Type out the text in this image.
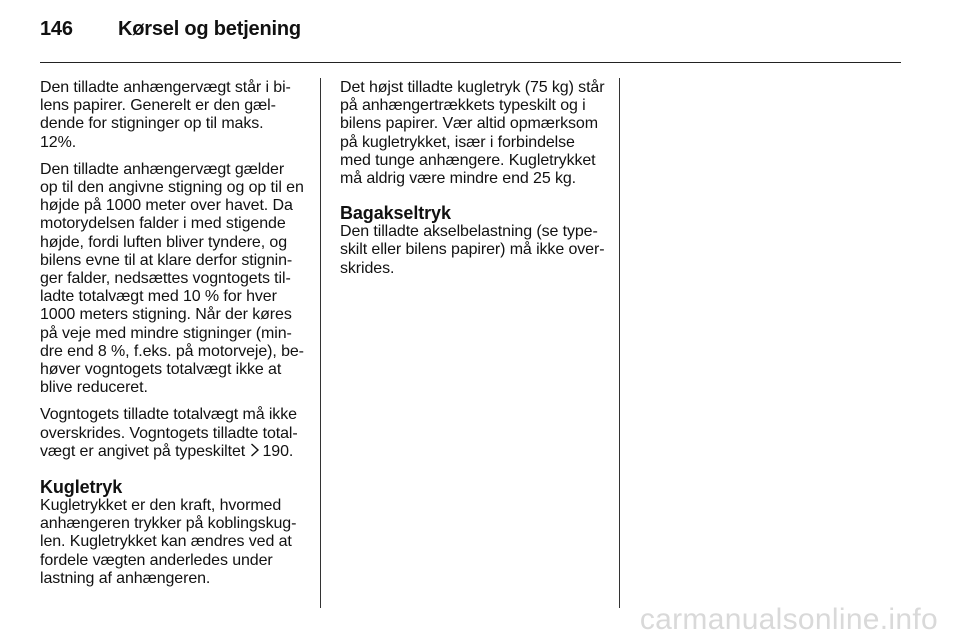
146 Kørsel og betjening

Den tilladte anhængervægt står i bi-
lens papirer. Generelt er den gæl-
dende for stigninger op til maks.
12%.

Den tilladte anhængervægt gælder
op til den angivne stigning og op til en
højde på 1000 meter over havet. Da
motorydelsen falder i med stigende
højde, fordi luften bliver tyndere, og
bilens evne til at klare derfor stignin-
ger falder, nedsættes vogntogets til-
ladte totalvægt med 10 % for hver
1000 meters stigning. Når der køres
på veje med mindre stigninger (min-
dre end 8 %, f.eks. på motorveje), be-
høver vogntogets totalvægt ikke at
blive reduceret.

Vogntogets tilladte totalvægt må ikke
overskrides. Vogntogets tilladte total-
vægt er angivet på typeskiltet 190.

Kugletryk

Kugletrykket er den kraft, hvormed
anhængeren trykker på koblingskug-
len. Kugletrykket kan ændres ved at
fordele vægten anderledes under
lastning af anhængeren.

Det højst tilladte kugletryk (75 kg) står
på anhængertrækkets typeskilt og i
bilens papirer. Vær altid opmærksom
på kugletrykket, især i forbindelse
med tunge anhængere. Kugletrykket
må aldrig være mindre end 25 kg.

Bagakseltryk

Den tilladte akselbelastning (se type-
skilt eller bilens papirer) må ikke over-
skrides.

carmanualsonline.info
